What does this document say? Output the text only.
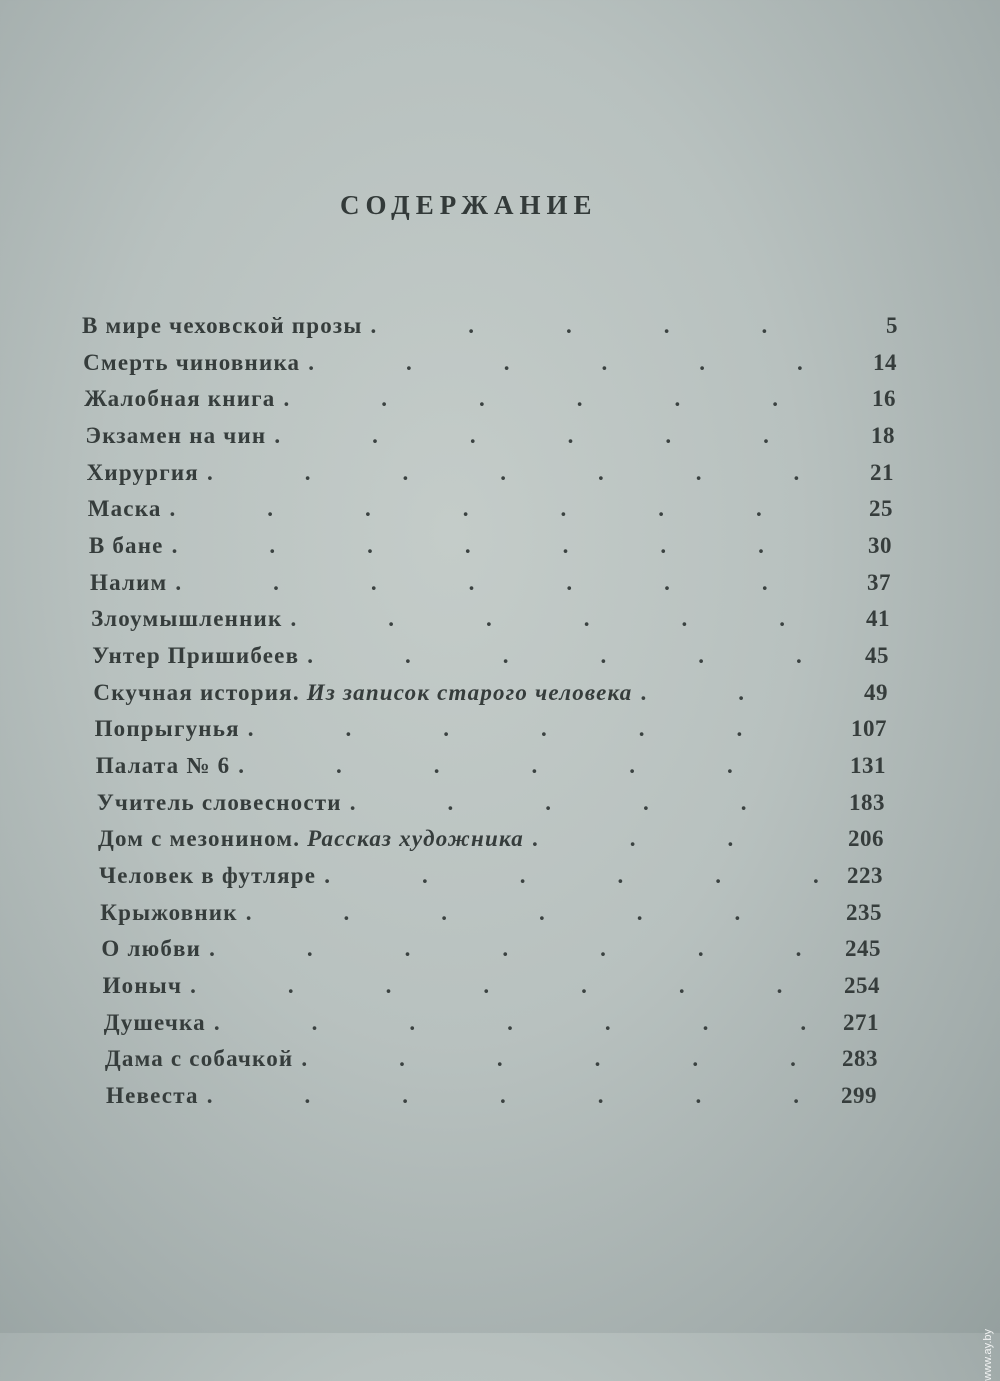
СОДЕРЖАНИЕ
В мире чеховской прозы .	5
Смерть чиновника .	14
Жалобная книга .	16
Экзамен на чин .	18
Хирургия .	21
Маска .	25
В бане .	30
Налим .	37
Злоумышленник .	41
Унтер Пришибеев .	45
Скучная история. Из записок старого человека .	49
Попрыгунья .	107
Палата № 6 .	131
Учитель словесности .	183
Дом с мезонином. Рассказ художника .	206
Человек в футляре .	223
Крыжовник .	235
О любви .	245
Ионыч .	254
Душечка .	271
Дама с собачкой .	283
Невеста .	299
www.ay.by
